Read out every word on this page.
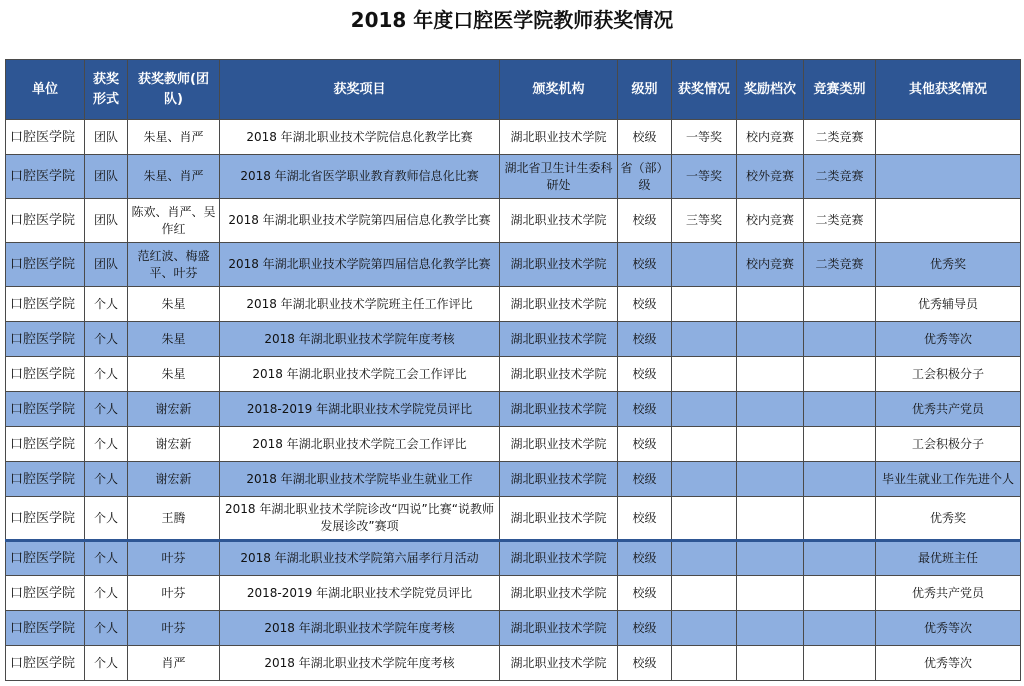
2018 年度口腔医学院教师获奖情况
单位	获奖形式	获奖教师(团队)	获奖项目	颁奖机构	级别	获奖情况	奖励档次	竞赛类别	其他获奖情况
口腔医学院	团队	朱星、肖严	2018 年湖北职业技术学院信息化教学比赛	湖北职业技术学院	校级	一等奖	校内竞赛	二类竞赛	
口腔医学院	团队	朱星、肖严	2018 年湖北省医学职业教育教师信息化比赛	湖北省卫生计生委科研处	省（部）级	一等奖	校外竞赛	二类竞赛	
口腔医学院	团队	陈欢、肖严、吴作红	2018 年湖北职业技术学院第四届信息化教学比赛	湖北职业技术学院	校级	三等奖	校内竞赛	二类竞赛	
口腔医学院	团队	范红波、梅盛平、叶芬	2018 年湖北职业技术学院第四届信息化教学比赛	湖北职业技术学院	校级		校内竞赛	二类竞赛	优秀奖
口腔医学院	个人	朱星	2018 年湖北职业技术学院班主任工作评比	湖北职业技术学院	校级				优秀辅导员
口腔医学院	个人	朱星	2018 年湖北职业技术学院年度考核	湖北职业技术学院	校级				优秀等次
口腔医学院	个人	朱星	2018 年湖北职业技术学院工会工作评比	湖北职业技术学院	校级				工会积极分子
口腔医学院	个人	谢宏新	2018-2019 年湖北职业技术学院党员评比	湖北职业技术学院	校级				优秀共产党员
口腔医学院	个人	谢宏新	2018 年湖北职业技术学院工会工作评比	湖北职业技术学院	校级				工会积极分子
口腔医学院	个人	谢宏新	2018 年湖北职业技术学院毕业生就业工作	湖北职业技术学院	校级				毕业生就业工作先进个人
口腔医学院	个人	王腾	2018 年湖北职业技术学院诊改“四说”比赛“说教师发展诊改”赛项	湖北职业技术学院	校级				优秀奖
口腔医学院	个人	叶芬	2018 年湖北职业技术学院第六届孝行月活动	湖北职业技术学院	校级				最优班主任
口腔医学院	个人	叶芬	2018-2019 年湖北职业技术学院党员评比	湖北职业技术学院	校级				优秀共产党员
口腔医学院	个人	叶芬	2018 年湖北职业技术学院年度考核	湖北职业技术学院	校级				优秀等次
口腔医学院	个人	肖严	2018 年湖北职业技术学院年度考核	湖北职业技术学院	校级				优秀等次
